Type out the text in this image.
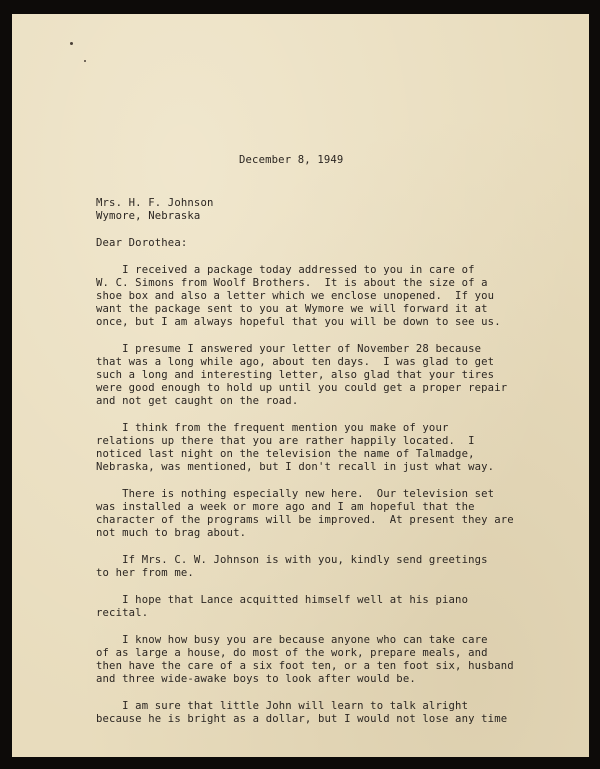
December 8, 1949

Mrs. H. F. Johnson

Wymore, Nebraska

Dear Dorothea:

I received a package today addressed to you in care of

W. C. Simons from Woolf Brothers.  It is about the size of a

shoe box and also a letter which we enclose unopened.  If you

want the package sent to you at Wymore we will forward it at

once, but I am always hopeful that you will be down to see us.

I presume I answered your letter of November 28 because

that was a long while ago, about ten days.  I was glad to get

such a long and interesting letter, also glad that your tires

were good enough to hold up until you could get a proper repair

and not get caught on the road.

I think from the frequent mention you make of your

relations up there that you are rather happily located.  I

noticed last night on the television the name of Talmadge,

Nebraska, was mentioned, but I don't recall in just what way.

There is nothing especially new here.  Our television set

was installed a week or more ago and I am hopeful that the

character of the programs will be improved.  At present they are

not much to brag about.

If Mrs. C. W. Johnson is with you, kindly send greetings

to her from me.

I hope that Lance acquitted himself well at his piano

recital.

I know how busy you are because anyone who can take care

of as large a house, do most of the work, prepare meals, and

then have the care of a six foot ten, or a ten foot six, husband

and three wide-awake boys to look after would be.

I am sure that little John will learn to talk alright

because he is bright as a dollar, but I would not lose any time
